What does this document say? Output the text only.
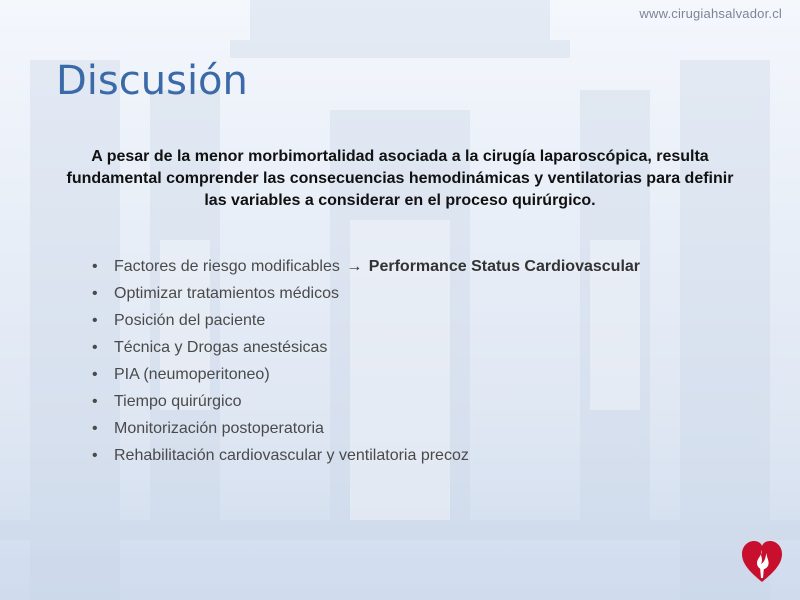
www.cirugiahsalvador.cl
Discusión

A pesar de la menor morbimortalidad asociada a la cirugía laparoscópica, resulta fundamental comprender las consecuencias hemodinámicas y ventilatorias para definir las variables a considerar en el proceso quirúrgico.

• Factores de riesgo modificables → Performance Status Cardiovascular
• Optimizar tratamientos médicos
• Posición del paciente
• Técnica y Drogas anestésicas
• PIA (neumoperitoneo)
• Tiempo quirúrgico
• Monitorización postoperatoria
• Rehabilitación cardiovascular y ventilatoria precoz
